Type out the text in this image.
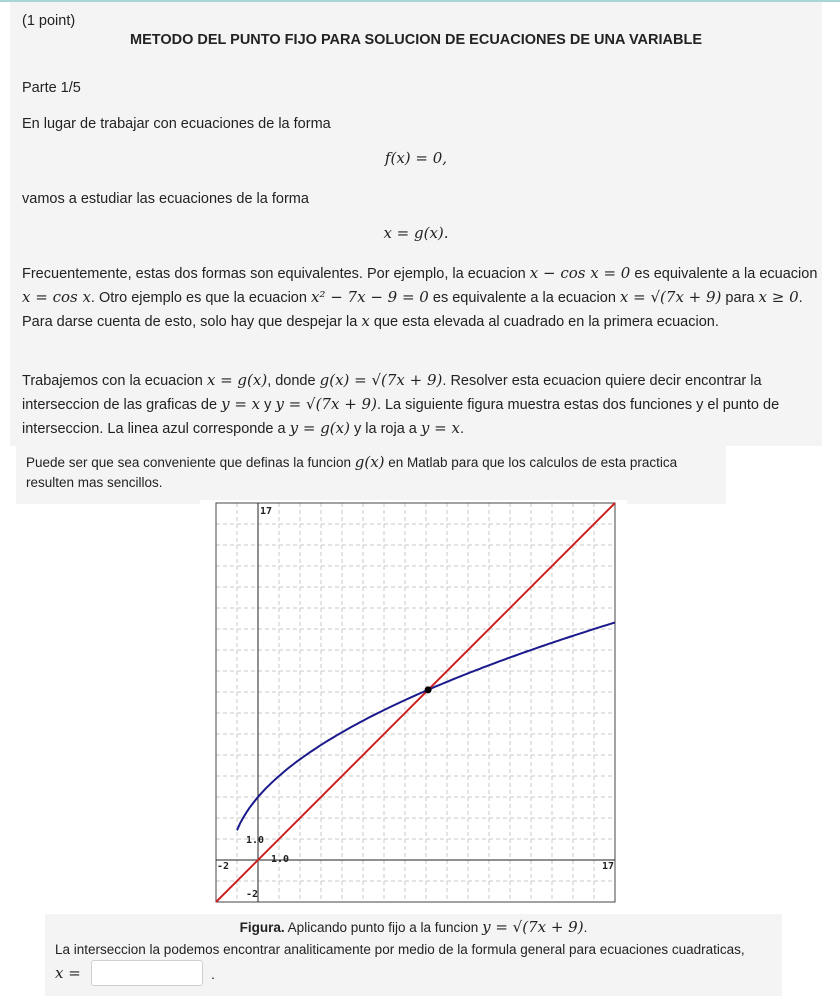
(1 point)
METODO DEL PUNTO FIJO PARA SOLUCION DE ECUACIONES DE UNA VARIABLE
Parte 1/5
En lugar de trabajar con ecuaciones de la forma
f(x) = 0,
vamos a estudiar las ecuaciones de la forma
x = g(x).
Frecuentemente, estas dos formas son equivalentes. Por ejemplo, la ecuacion x − cos x = 0 es equivalente a la ecuacion x = cos x. Otro ejemplo es que la ecuacion x² − 7x − 9 = 0 es equivalente a la ecuacion x = √(7x + 9) para x ≥ 0. Para darse cuenta de esto, solo hay que despejar la x que esta elevada al cuadrado en la primera ecuacion.
Trabajemos con la ecuacion x = g(x), donde g(x) = √(7x + 9). Resolver esta ecuacion quiere decir encontrar la interseccion de las graficas de y = x y y = √(7x + 9). La siguiente figura muestra estas dos funciones y el punto de interseccion. La linea azul corresponde a y = g(x) y la roja a y = x.
Puede ser que sea conveniente que definas la funcion g(x) en Matlab para que los calculos de esta practica resulten mas sencillos.
17
17
-2
-2
1.0
1.0
Figura. Aplicando punto fijo a la funcion y = √(7x + 9).
La interseccion la podemos encontrar analiticamente por medio de la formula general para ecuaciones cuadraticas,
x =	.
